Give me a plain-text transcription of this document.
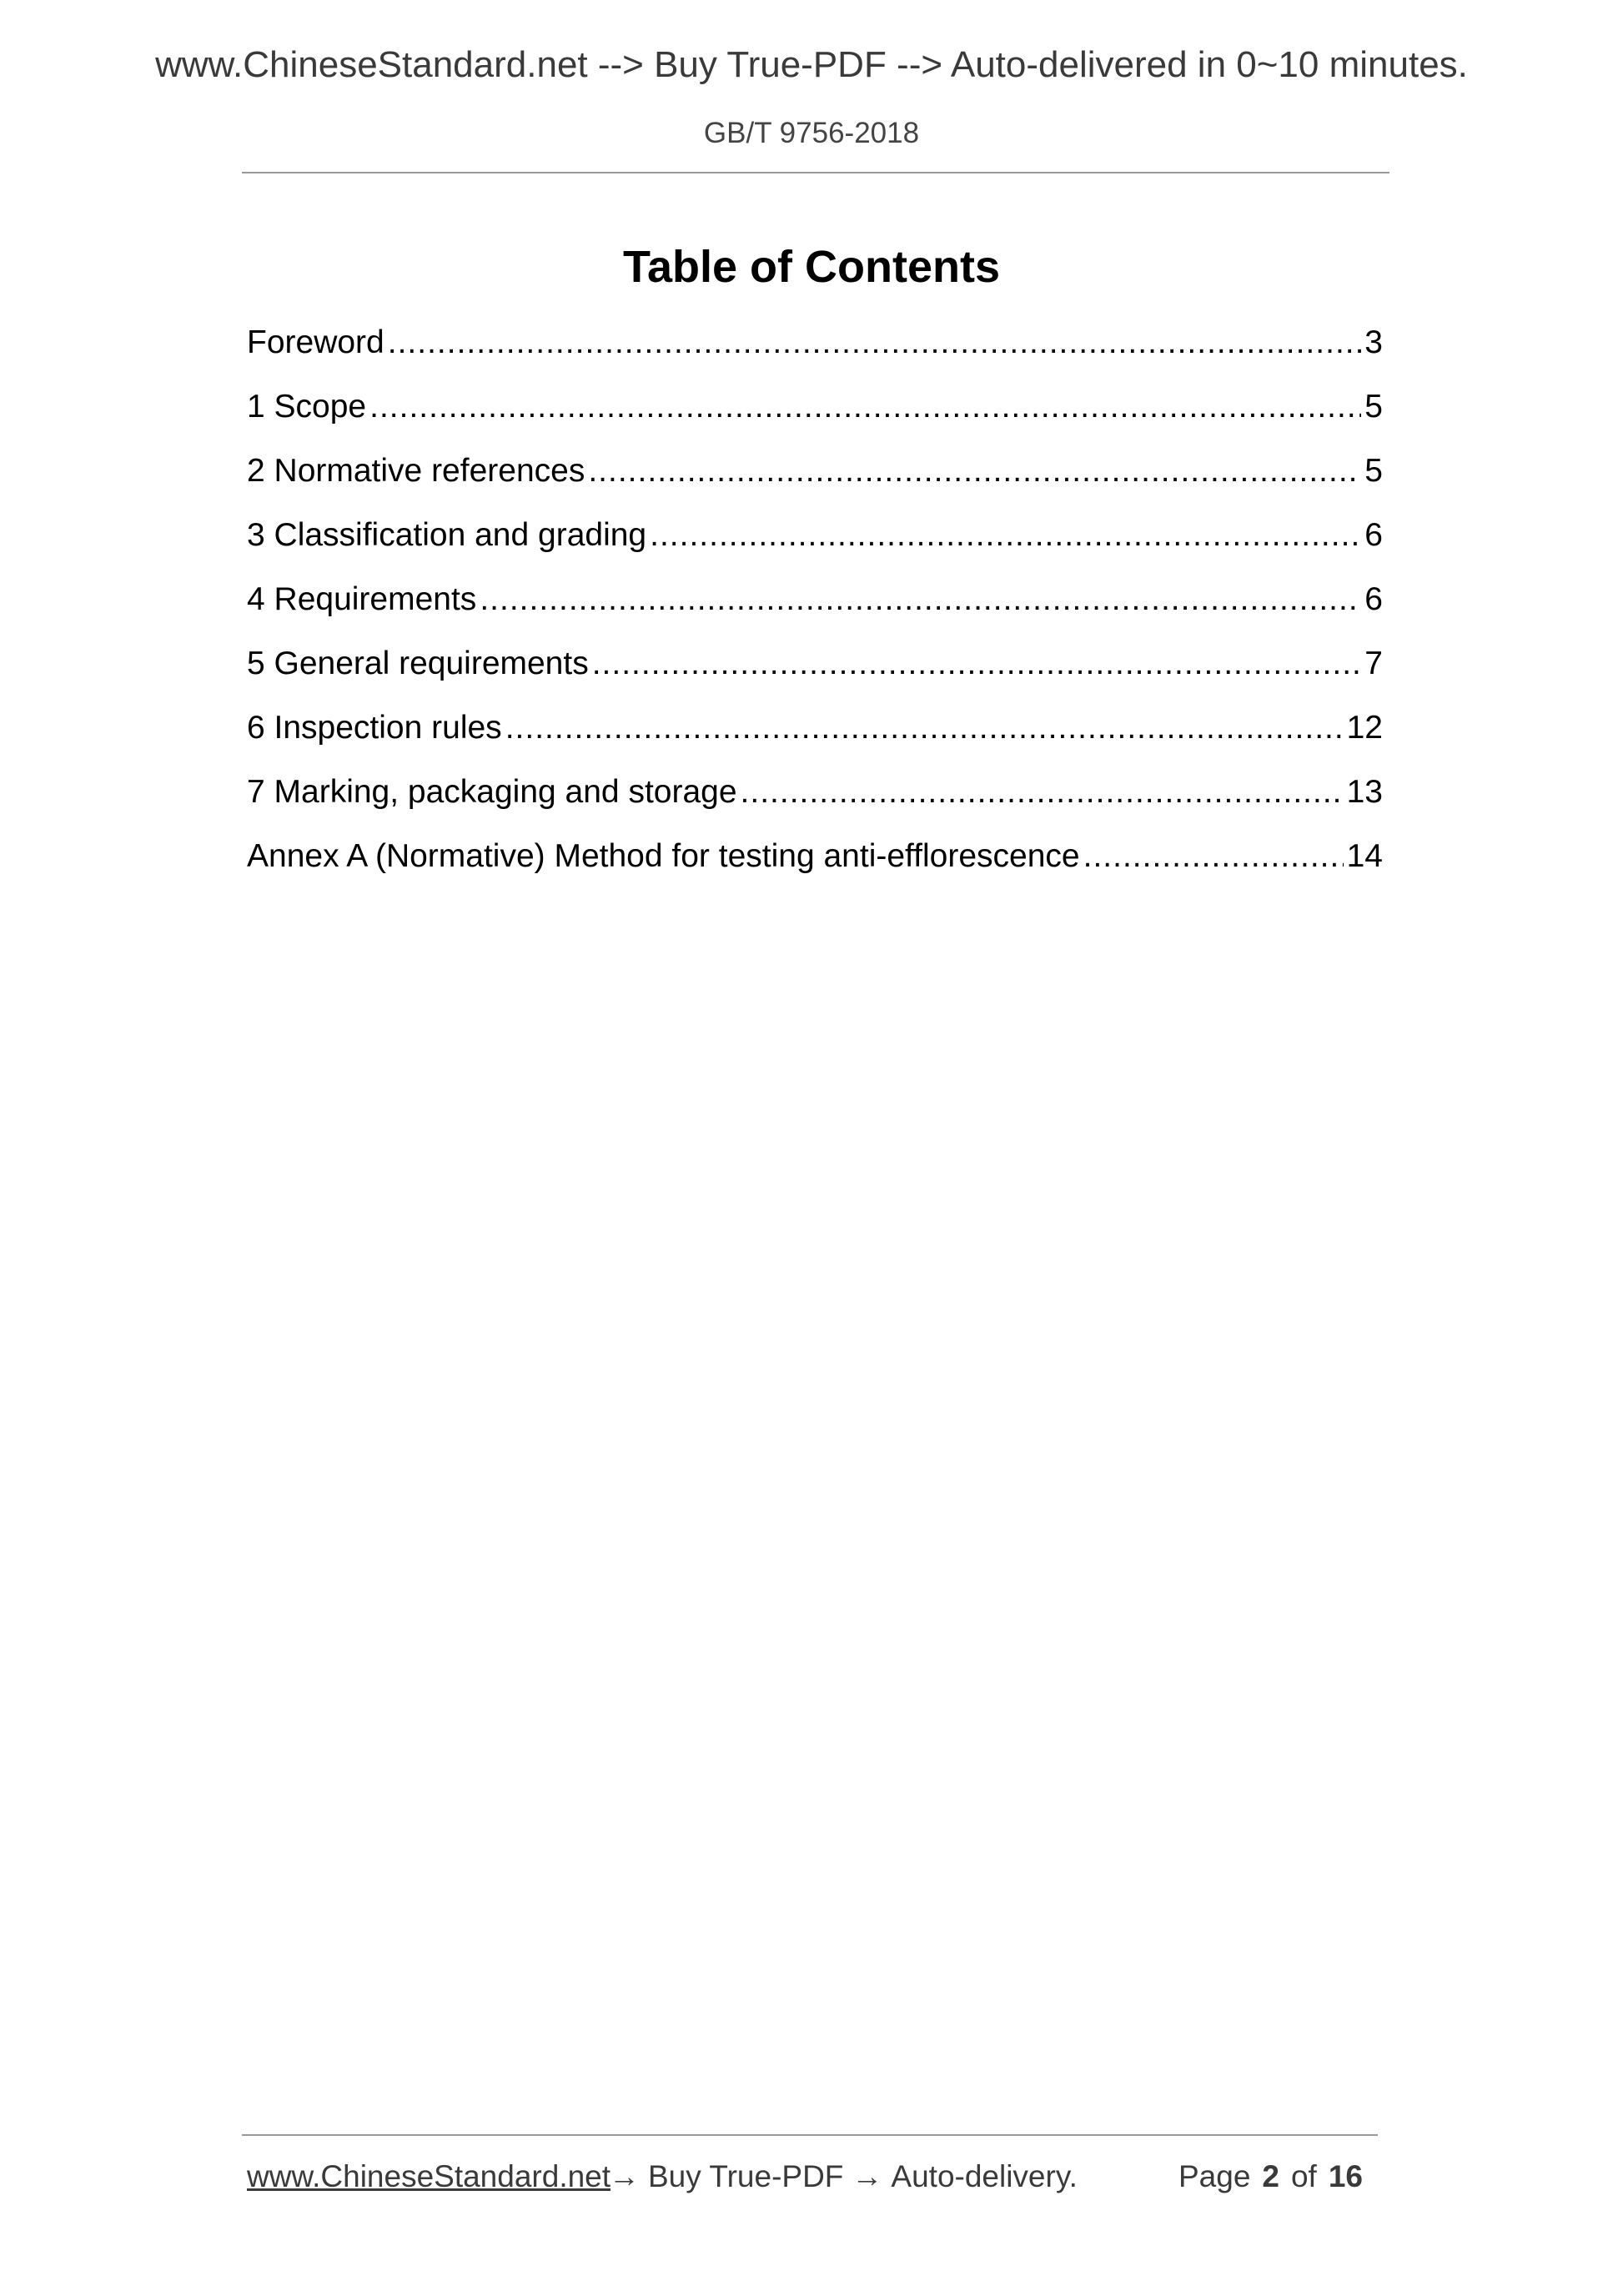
www.ChineseStandard.net --> Buy True-PDF --> Auto-delivered in 0~10 minutes.
GB/T 9756-2018
Table of Contents
Foreword .....	3
1 Scope .....	5
2 Normative references .....	5
3 Classification and grading .....	6
4 Requirements .....	6
5 General requirements .....	7
6 Inspection rules .....	12
7 Marking, packaging and storage .....	13
Annex A (Normative) Method for testing anti-efflorescence .....	14
www.ChineseStandard.net
→ Buy True-PDF → Auto-delivery.	Page 2 of 16
